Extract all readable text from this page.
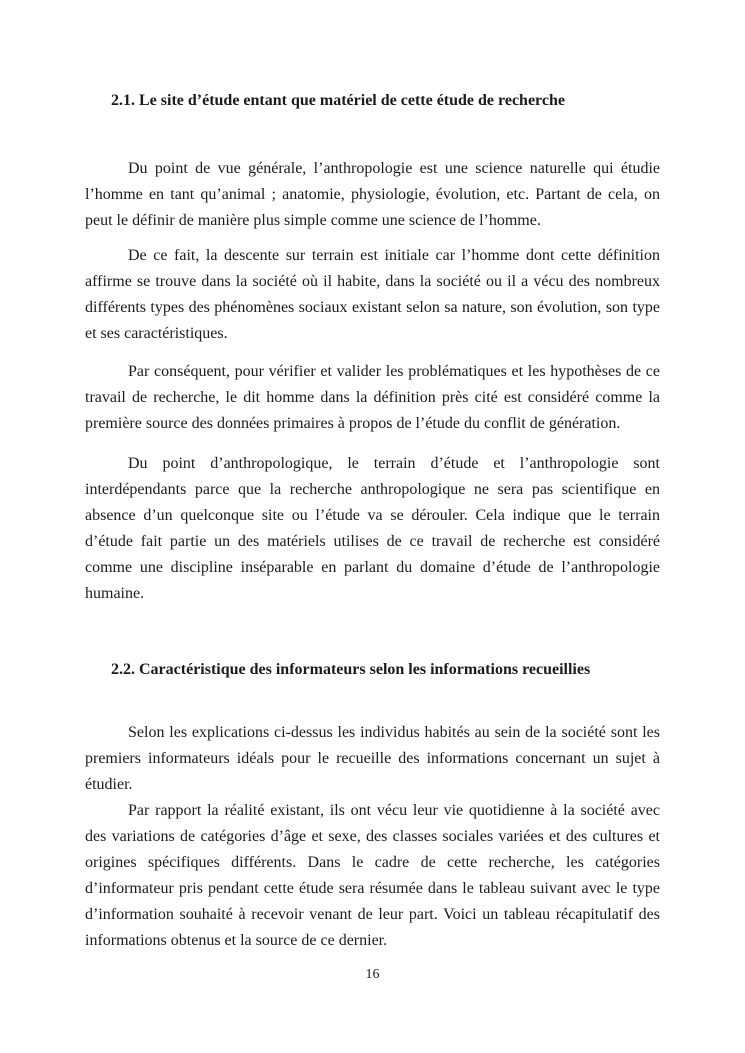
2.1. Le site d’étude entant que matériel de cette étude de recherche

Du point de vue générale, l’anthropologie est une science naturelle qui étudie l’homme en tant qu’animal ; anatomie, physiologie, évolution, etc. Partant de cela, on peut le définir de manière plus simple comme une science de l’homme.

De ce fait, la descente sur terrain est initiale car l’homme dont cette définition affirme se trouve dans la société où il habite, dans la société ou il a vécu des nombreux différents types des phénomènes sociaux existant selon sa nature, son évolution, son type et ses caractéristiques.

Par conséquent, pour vérifier et valider les problématiques et les hypothèses de ce travail de recherche, le dit homme dans la définition près cité est considéré comme la première source des données primaires à propos de l’étude du conflit de génération.

Du point d’anthropologique, le terrain d’étude et l’anthropologie sont interdépendants parce que la recherche anthropologique ne sera pas scientifique en absence d’un quelconque site ou l’étude va se dérouler. Cela indique que le terrain d’étude fait partie un des matériels utilises de ce travail de recherche est considéré comme une discipline inséparable en parlant du domaine d’étude de l’anthropologie humaine.

2.2. Caractéristique des informateurs selon les informations recueillies

Selon les explications ci-dessus les individus habités au sein de la société sont les premiers informateurs idéals pour le recueille des informations concernant un sujet à étudier.

Par rapport la réalité existant, ils ont vécu leur vie quotidienne à la société avec des variations de catégories d’âge et sexe, des classes sociales variées et des cultures et origines spécifiques différents. Dans le cadre de cette recherche, les catégories d’informateur pris pendant cette étude sera résumée dans le tableau suivant avec le type d’information souhaité à recevoir venant de leur part. Voici un tableau récapitulatif des informations obtenus et la source de ce dernier.

16
